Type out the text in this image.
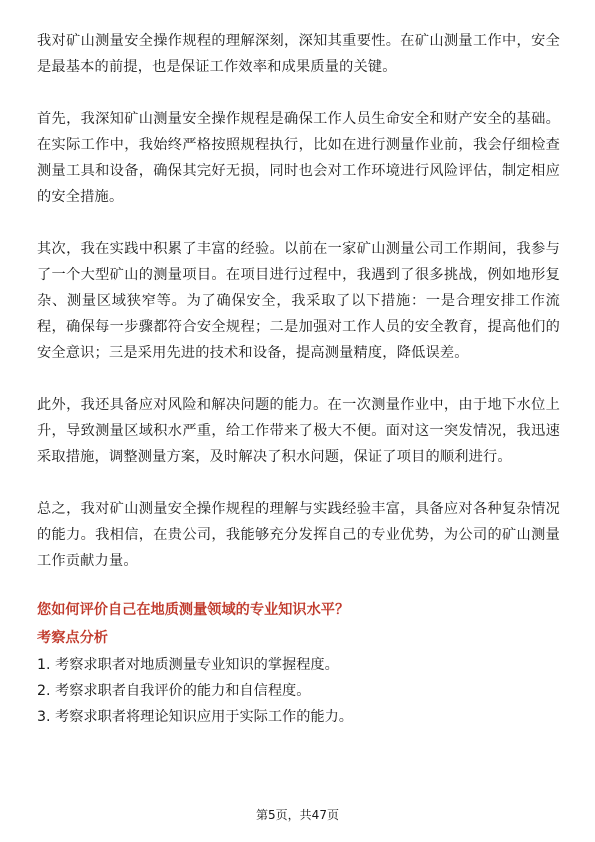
我对矿山测量安全操作规程的理解深刻，深知其重要性。在矿山测量工作中，安全是最基本的前提，也是保证工作效率和成果质量的关键。

首先，我深知矿山测量安全操作规程是确保工作人员生命安全和财产安全的基础。在实际工作中，我始终严格按照规程执行，比如在进行测量作业前，我会仔细检查测量工具和设备，确保其完好无损，同时也会对工作环境进行风险评估，制定相应的安全措施。

其次，我在实践中积累了丰富的经验。以前在一家矿山测量公司工作期间，我参与了一个大型矿山的测量项目。在项目进行过程中，我遇到了很多挑战，例如地形复杂、测量区域狭窄等。为了确保安全，我采取了以下措施：一是合理安排工作流程，确保每一步骤都符合安全规程；二是加强对工作人员的安全教育，提高他们的安全意识；三是采用先进的技术和设备，提高测量精度，降低误差。

此外，我还具备应对风险和解决问题的能力。在一次测量作业中，由于地下水位上升，导致测量区域积水严重，给工作带来了极大不便。面对这一突发情况，我迅速采取措施，调整测量方案，及时解决了积水问题，保证了项目的顺利进行。

总之，我对矿山测量安全操作规程的理解与实践经验丰富，具备应对各种复杂情况的能力。我相信，在贵公司，我能够充分发挥自己的专业优势，为公司的矿山测量工作贡献力量。

您如何评价自己在地质测量领域的专业知识水平？
考察点分析
1. 考察求职者对地质测量专业知识的掌握程度。
2. 考察求职者自我评价的能力和自信程度。
3. 考察求职者将理论知识应用于实际工作的能力。
第5页，共47页
